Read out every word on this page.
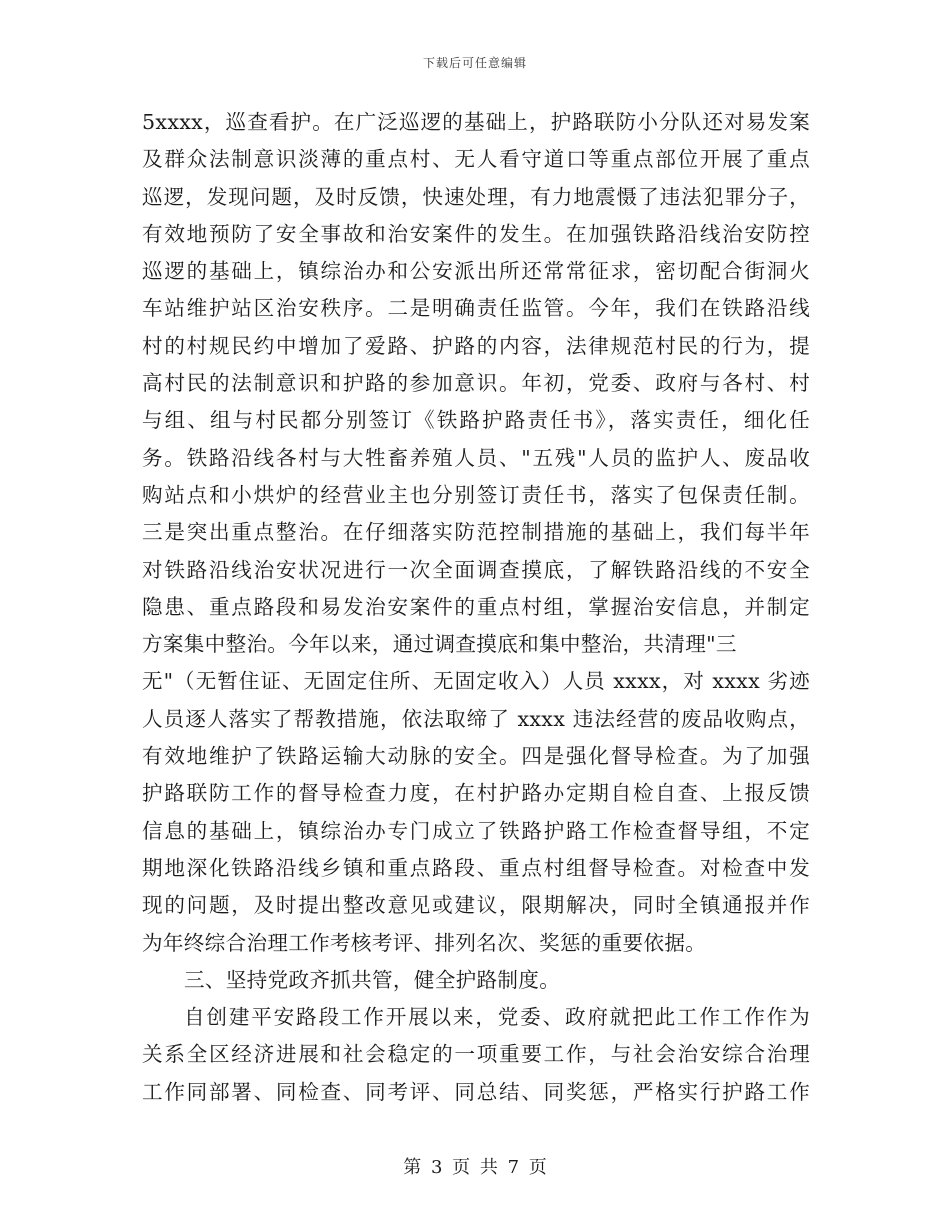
下载后可任意编辑
5xxxx，巡查看护。在广泛巡逻的基础上，护路联防小分队还对易发案
及群众法制意识淡薄的重点村、无人看守道口等重点部位开展了重点
巡逻，发现问题，及时反馈，快速处理，有力地震慑了违法犯罪分子，
有效地预防了安全事故和治安案件的发生。在加强铁路沿线治安防控
巡逻的基础上，镇综治办和公安派出所还常常征求，密切配合街洞火
车站维护站区治安秩序。二是明确责任监管。今年，我们在铁路沿线
村的村规民约中增加了爱路、护路的内容，法律规范村民的行为，提
高村民的法制意识和护路的参加意识。年初，党委、政府与各村、村
与组、组与村民都分别签订《铁路护路责任书》，落实责任，细化任
务。铁路沿线各村与大牲畜养殖人员、"五残"人员的监护人、废品收
购站点和小烘炉的经营业主也分别签订责任书，落实了包保责任制。
三是突出重点整治。在仔细落实防范控制措施的基础上，我们每半年
对铁路沿线治安状况进行一次全面调查摸底，了解铁路沿线的不安全
隐患、重点路段和易发治安案件的重点村组，掌握治安信息，并制定
方案集中整治。今年以来，通过调查摸底和集中整治，共清理"三
无"（无暂住证、无固定住所、无固定收入）人员 xxxx，对 xxxx 劣迹
人员逐人落实了帮教措施，依法取缔了 xxxx 违法经营的废品收购点，
有效地维护了铁路运输大动脉的安全。四是强化督导检查。为了加强
护路联防工作的督导检查力度，在村护路办定期自检自查、上报反馈
信息的基础上，镇综治办专门成立了铁路护路工作检查督导组，不定
期地深化铁路沿线乡镇和重点路段、重点村组督导检查。对检查中发
现的问题，及时提出整改意见或建议，限期解决，同时全镇通报并作
为年终综合治理工作考核考评、排列名次、奖惩的重要依据。
三、坚持党政齐抓共管，健全护路制度。
自创建平安路段工作开展以来，党委、政府就把此工作工作作为
关系全区经济进展和社会稳定的一项重要工作，与社会治安综合治理
工作同部署、同检查、同考评、同总结、同奖惩，严格实行护路工作
第 3 页 共 7 页
